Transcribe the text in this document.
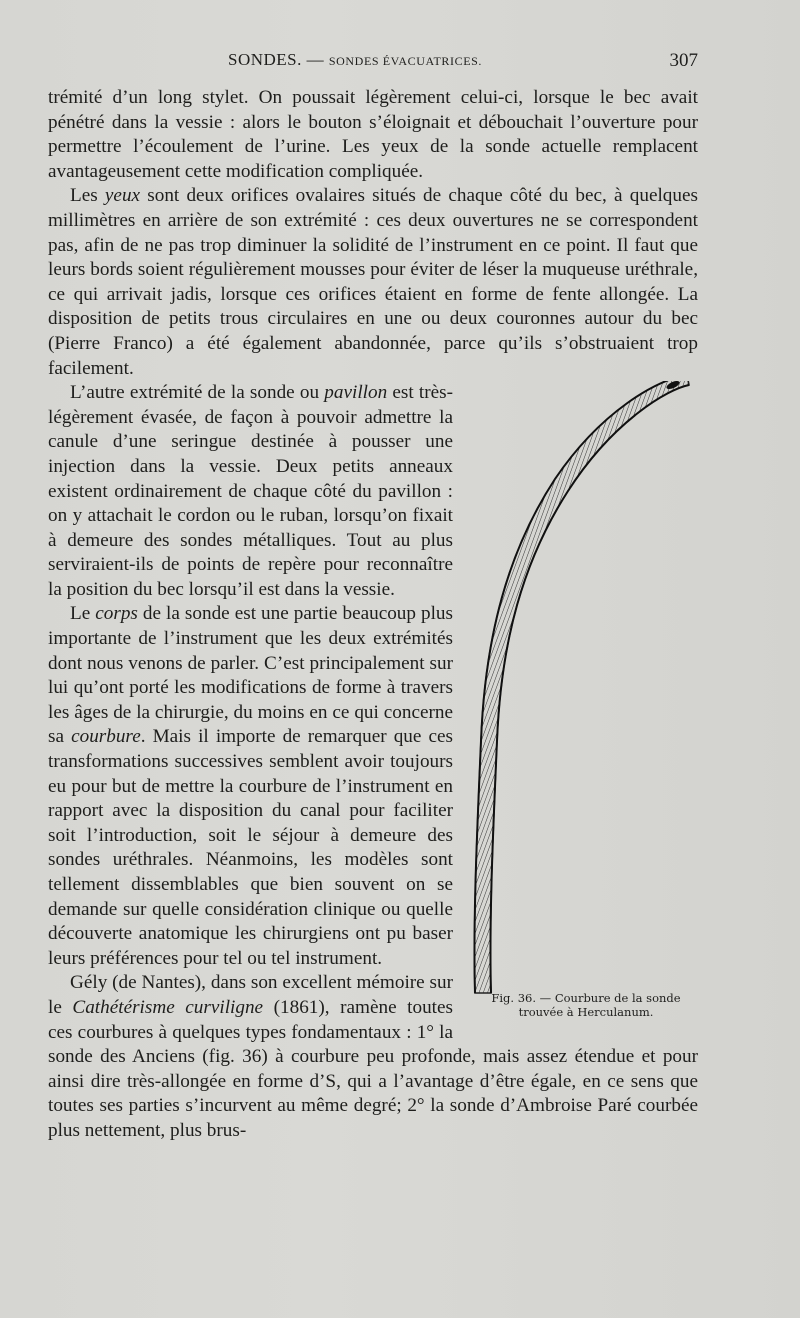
SONDES. — SONDES ÉVACUATRICES.	307

trémité d’un long stylet. On poussait légèrement celui-ci, lorsque le bec avait pénétré dans la vessie : alors le bouton s’éloignait et débouchait l’ouverture pour permettre l’écoulement de l’urine. Les yeux de la sonde actuelle remplacent avantageusement cette modification compliquée.

Les yeux sont deux orifices ovalaires situés de chaque côté du bec, à quelques millimètres en arrière de son extrémité : ces deux ouvertures ne se correspondent pas, afin de ne pas trop diminuer la solidité de l’instrument en ce point. Il faut que leurs bords soient régulièrement mousses pour éviter de léser la muqueuse uréthrale, ce qui arrivait jadis, lorsque ces orifices étaient en forme de fente allongée. La disposition de petits trous circulaires en une ou deux couronnes autour du bec (Pierre Franco) a été également abandonnée, parce qu’ils s’obstruaient trop facilement.

Fig. 36. — Courbure de la sonde trouvée à Herculanum.

L’autre extrémité de la sonde ou pavillon est très-légèrement évasée, de façon à pouvoir admettre la canule d’une seringue destinée à pousser une injection dans la vessie. Deux petits anneaux existent ordinairement de chaque côté du pavillon : on y attachait le cordon ou le ruban, lorsqu’on fixait à demeure des sondes métalliques. Tout au plus serviraient-ils de points de repère pour reconnaître la position du bec lorsqu’il est dans la vessie.

Le corps de la sonde est une partie beaucoup plus importante de l’instrument que les deux extrémités dont nous venons de parler. C’est principalement sur lui qu’ont porté les modifications de forme à travers les âges de la chirurgie, du moins en ce qui concerne sa courbure. Mais il importe de remarquer que ces transformations successives semblent avoir toujours eu pour but de mettre la courbure de l’instrument en rapport avec la disposition du canal pour faciliter soit l’introduction, soit le séjour à demeure des sondes uréthrales. Néanmoins, les modèles sont tellement dissemblables que bien souvent on se demande sur quelle considération clinique ou quelle découverte anatomique les chirurgiens ont pu baser leurs préférences pour tel ou tel instrument.

Gély (de Nantes), dans son excellent mémoire sur le Cathétérisme curviligne (1861), ramène toutes ces courbures à quelques types fondamentaux : 1° la sonde des Anciens (fig. 36) à courbure peu profonde, mais assez étendue et pour ainsi dire très-allongée en forme d’S, qui a l’avantage d’être égale, en ce sens que toutes ses parties s’incurvent au même degré; 2° la sonde d’Ambroise Paré courbée plus nettement, plus brus-
